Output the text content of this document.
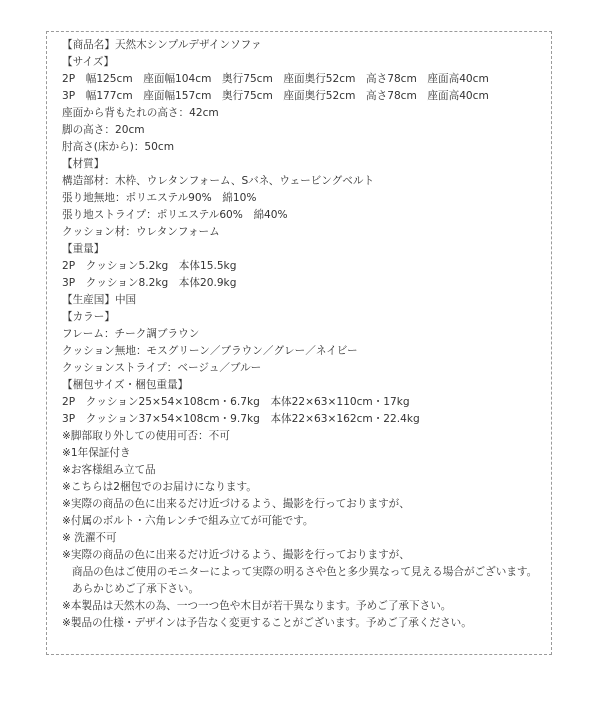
【商品名】天然木シンプルデザインソファ
【サイズ】
2P　幅125cm　座面幅104cm　奥行75cm　座面奥行52cm　高さ78cm　座面高40cm
3P　幅177cm　座面幅157cm　奥行75cm　座面奥行52cm　高さ78cm　座面高40cm
座面から背もたれの高さ：42cm
脚の高さ：20cm
肘高さ(床から)：50cm
【材質】
構造部材：木枠、ウレタンフォーム、Sバネ、ウェービングベルト
張り地無地：ポリエステル90%　綿10%
張り地ストライプ：ポリエステル60%　綿40%
クッション材：ウレタンフォーム
【重量】
2P　クッション5.2kg　本体15.5kg
3P　クッション8.2kg　本体20.9kg
【生産国】中国
【カラー】
フレーム：チーク調ブラウン
クッション無地：モスグリーン／ブラウン／グレー／ネイビー
クッションストライプ：ベージュ／ブルー
【梱包サイズ・梱包重量】
2P　クッション25×54×108cm・6.7kg　本体22×63×110cm・17kg
3P　クッション37×54×108cm・9.7kg　本体22×63×162cm・22.4kg
※脚部取り外しての使用可否：不可
※1年保証付き
※お客様組み立て品
※こちらは2梱包でのお届けになります。
※実際の商品の色に出来るだけ近づけるよう、撮影を行っておりますが、
※付属のボルト・六角レンチで組み立てが可能です。
※ 洗濯不可
※実際の商品の色に出来るだけ近づけるよう、撮影を行っておりますが、
商品の色はご使用のモニターによって実際の明るさや色と多少異なって見える場合がございます。
あらかじめご了承下さい。
※本製品は天然木の為、一つ一つ色や木目が若干異なります。予めご了承下さい。
※製品の仕様・デザインは予告なく変更することがございます。予めご了承ください。
